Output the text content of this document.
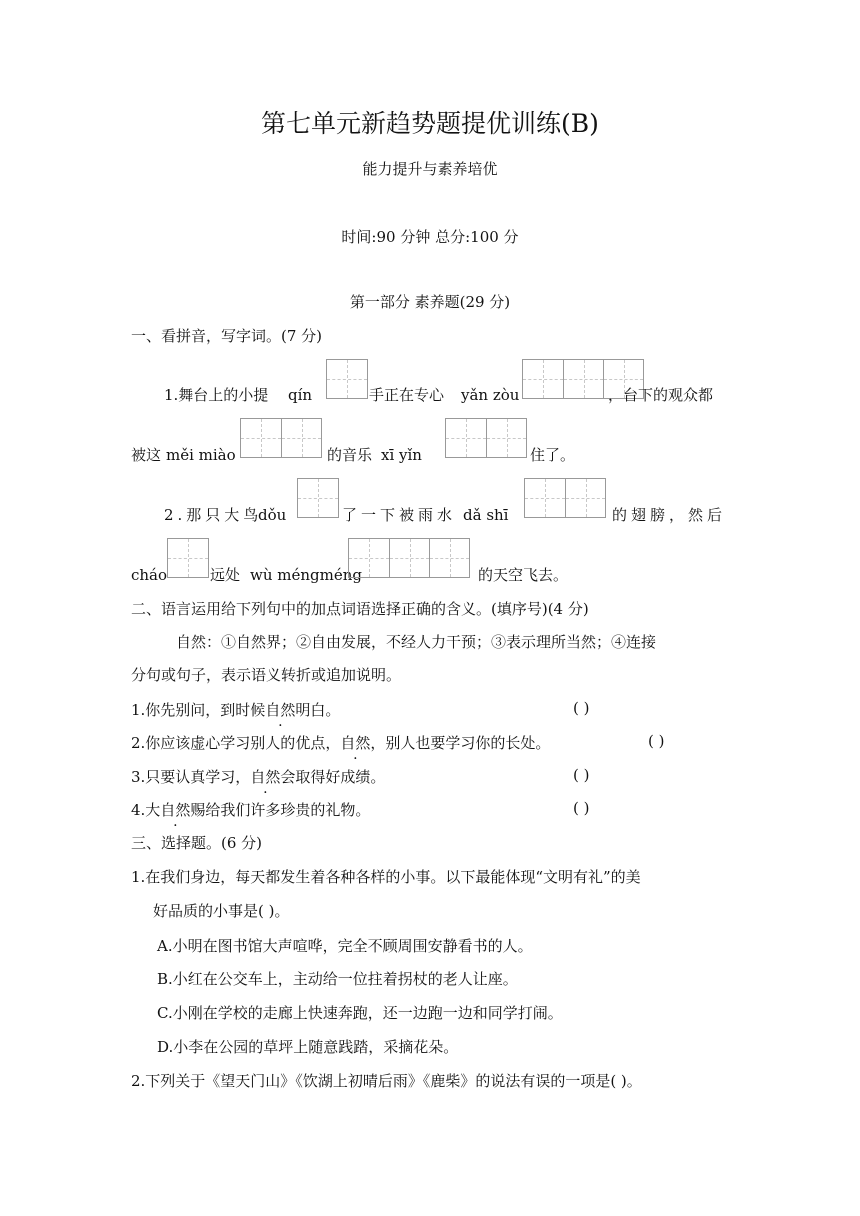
第七单元新趋势题提优训练(B)
能力提升与素养培优
时间:90 分钟 总分:100 分
第一部分 素养题(29 分)
一、看拼音，写字词。(7 分)
1.舞台上的小提 qín	手正在专心 yǎn zòu	，台下的观众都
被这 měi miào	的音乐 xī yǐn	住了。
2.那只大鸟
dǒu	了一下被雨水 dǎ shī	的翅膀，然后
cháo	远处 wù méngméng	的天空飞去。
二、语言运用给下列句中的加点词语选择正确的含义。(填序号)(4 分)
自然：①自然界；②自由发展，不经人力干预；③表示理所当然；④连接
分句或句子，表示语义转折或追加说明。
1.你先别问，到时候自然明白。	( )
2.你应该虚心学习别人的优点，自然，别人也要学习你的长处。	( )
3.只要认真学习，自然会取得好成绩。	( )
4.大自然赐给我们许多珍贵的礼物。	( )
三、选择题。(6 分)
1.在我们身边，每天都发生着各种各样的小事。以下最能体现“文明有礼”的美
好品质的小事是( )。
A.小明在图书馆大声喧哗，完全不顾周围安静看书的人。
B.小红在公交车上，主动给一位拄着拐杖的老人让座。
C.小刚在学校的走廊上快速奔跑，还一边跑一边和同学打闹。
D.小李在公园的草坪上随意践踏，采摘花朵。
2.下列关于《望天门山》《饮湖上初晴后雨》《鹿柴》的说法有误的一项是( )。
